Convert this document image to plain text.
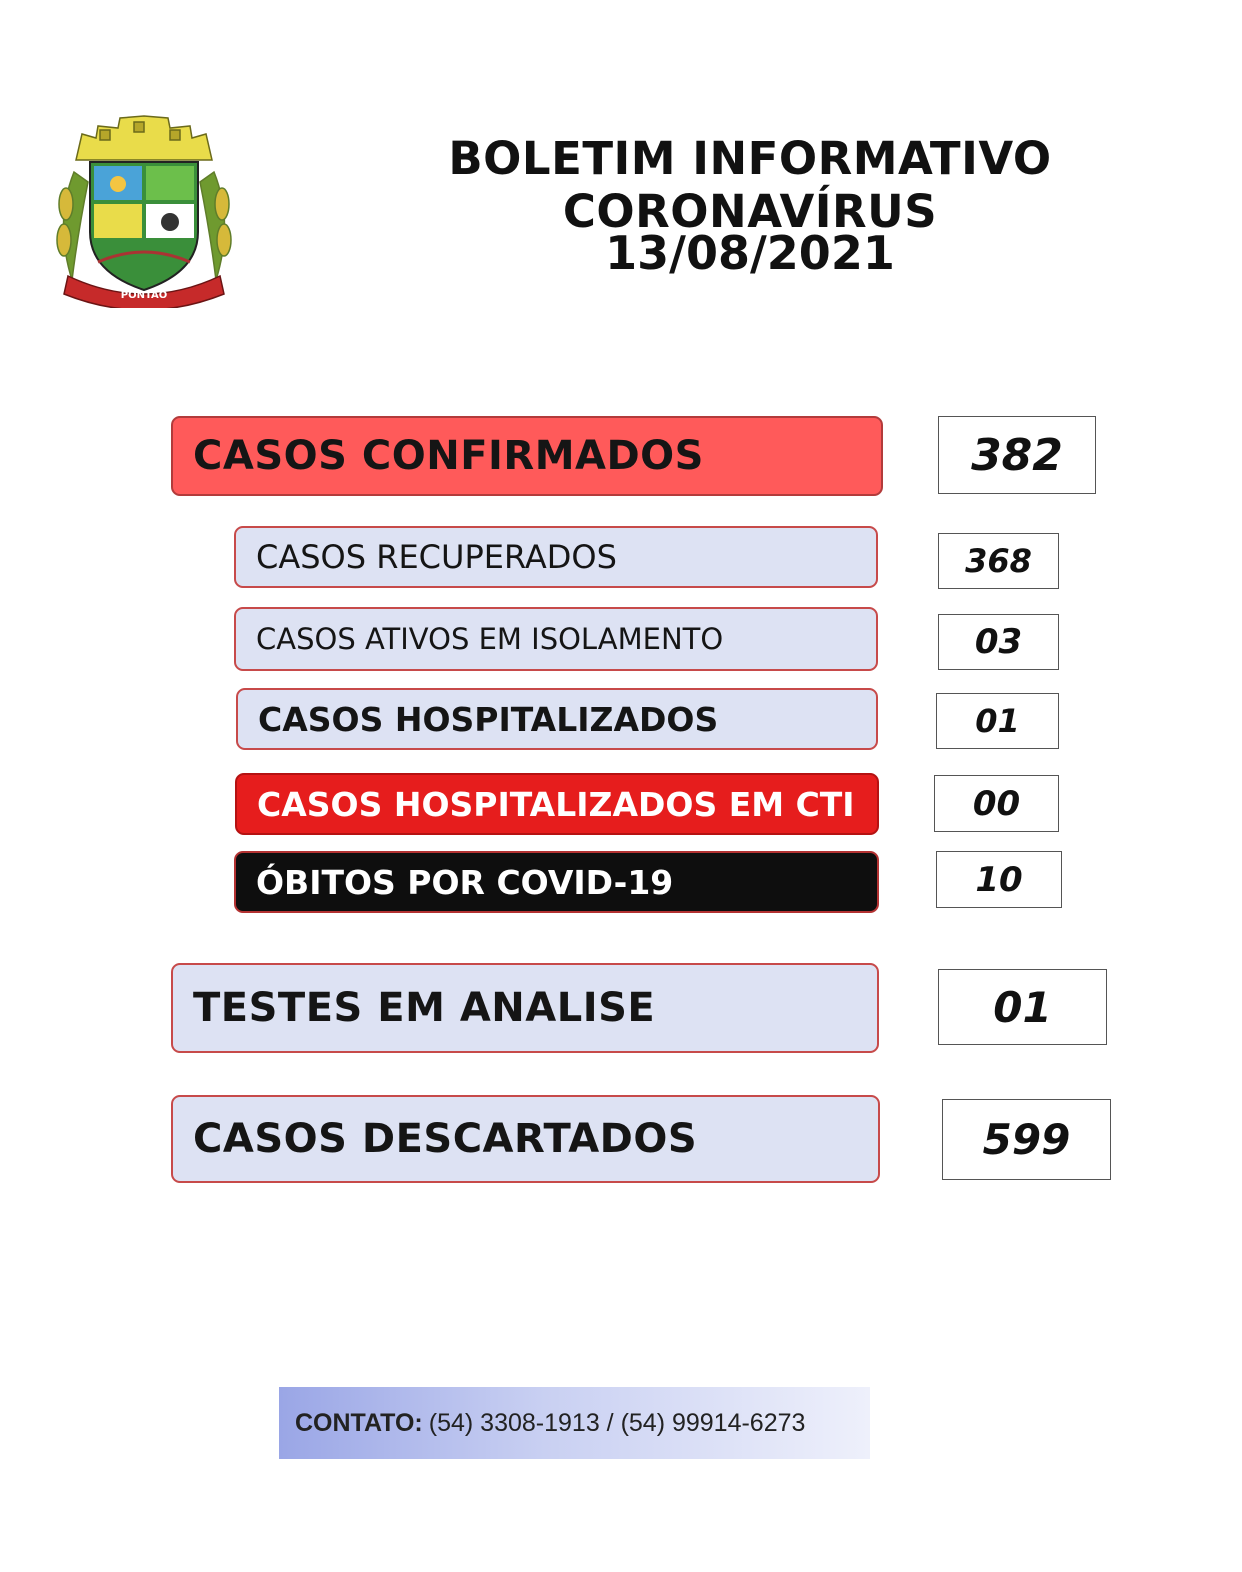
PONTÃO
BOLETIM INFORMATIVO CORONAVÍRUS
13/08/2021
CASOS CONFIRMADOS	382
CASOS RECUPERADOS	368
CASOS ATIVOS EM ISOLAMENTO	03
CASOS HOSPITALIZADOS	01
CASOS HOSPITALIZADOS EM CTI	00
ÓBITOS POR COVID-19	10
TESTES EM ANALISE	01
CASOS DESCARTADOS	599
CONTATO: (54) 3308-1913 / (54) 99914-6273
